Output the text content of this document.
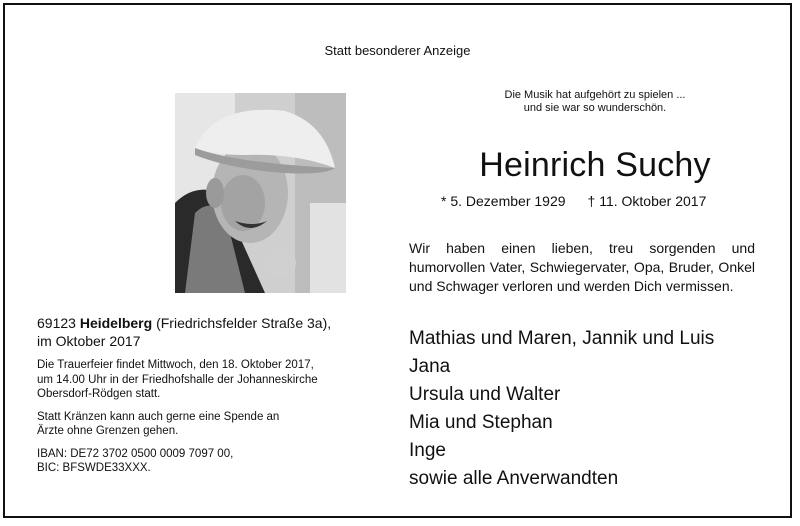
Statt besonderer Anzeige
Die Musik hat aufgehört zu spielen ...
und sie war so wunderschön.
Heinrich Suchy
* 5. Dezember 1929 † 11. Oktober 2017
Wir haben einen lieben, treu sorgenden und humorvollen Vater, Schwiegervater, Opa, Bruder, Onkel und Schwager verloren und werden Dich vermissen.
Mathias und Maren, Jannik und Luis
Jana
Ursula und Walter
Mia und Stephan
Inge
sowie alle Anverwandten
69123 Heidelberg (Friedrichsfelder Straße 3a),
im Oktober 2017
Die Trauerfeier findet Mittwoch, den 18. Oktober 2017,
um 14.00 Uhr in der Friedhofshalle der Johanneskirche
Obersdorf-Rödgen statt.
Statt Kränzen kann auch gerne eine Spende an
Ärzte ohne Grenzen gehen.
IBAN: DE72 3702 0500 0009 7097 00,
BIC: BFSWDE33XXX.
